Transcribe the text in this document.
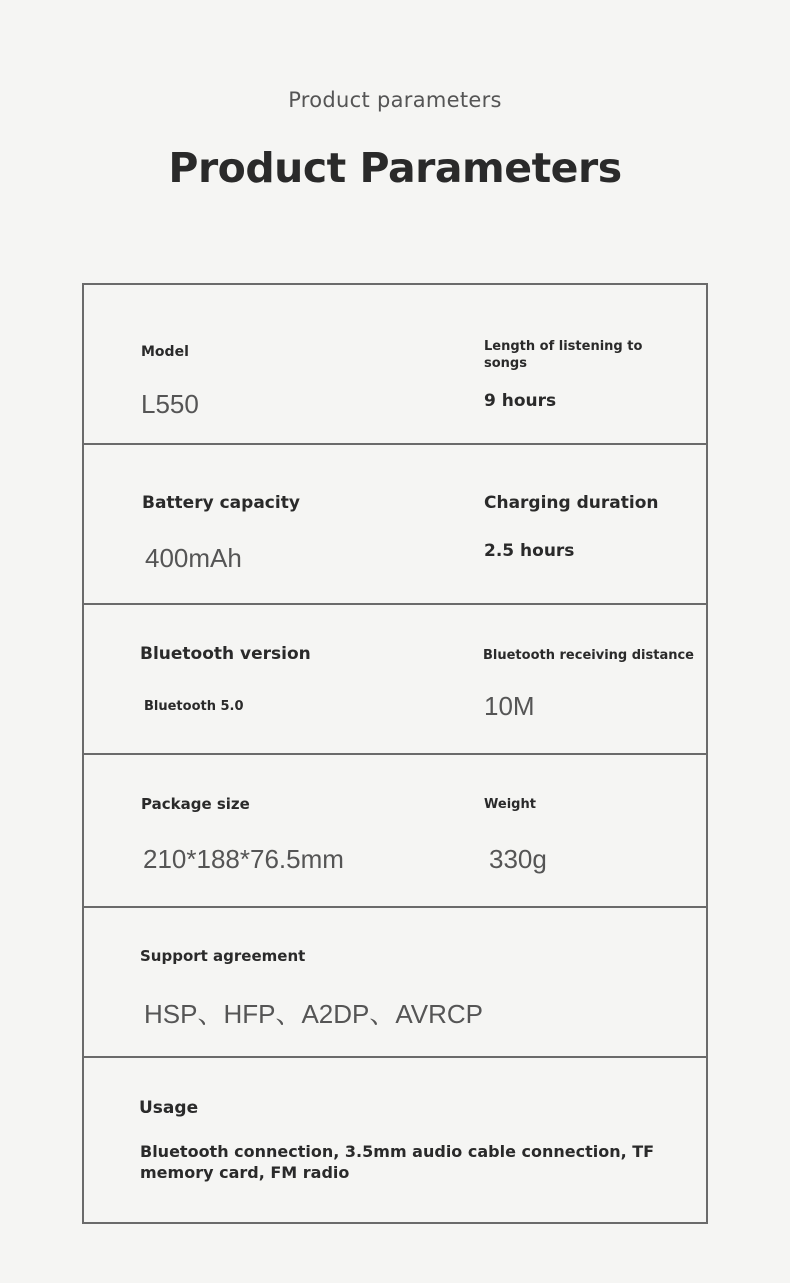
Product parameters
Product Parameters
Model
L550
Length of listening to songs
9 hours
Battery capacity
400mAh
Charging duration
2.5 hours
Bluetooth version
Bluetooth 5.0
Bluetooth receiving distance
10M
Package size
210*188*76.5mm
Weight
330g
Support agreement
HSP、HFP、A2DP、AVRCP
Usage
Bluetooth connection, 3.5mm audio cable connection, TF memory card, FM radio
